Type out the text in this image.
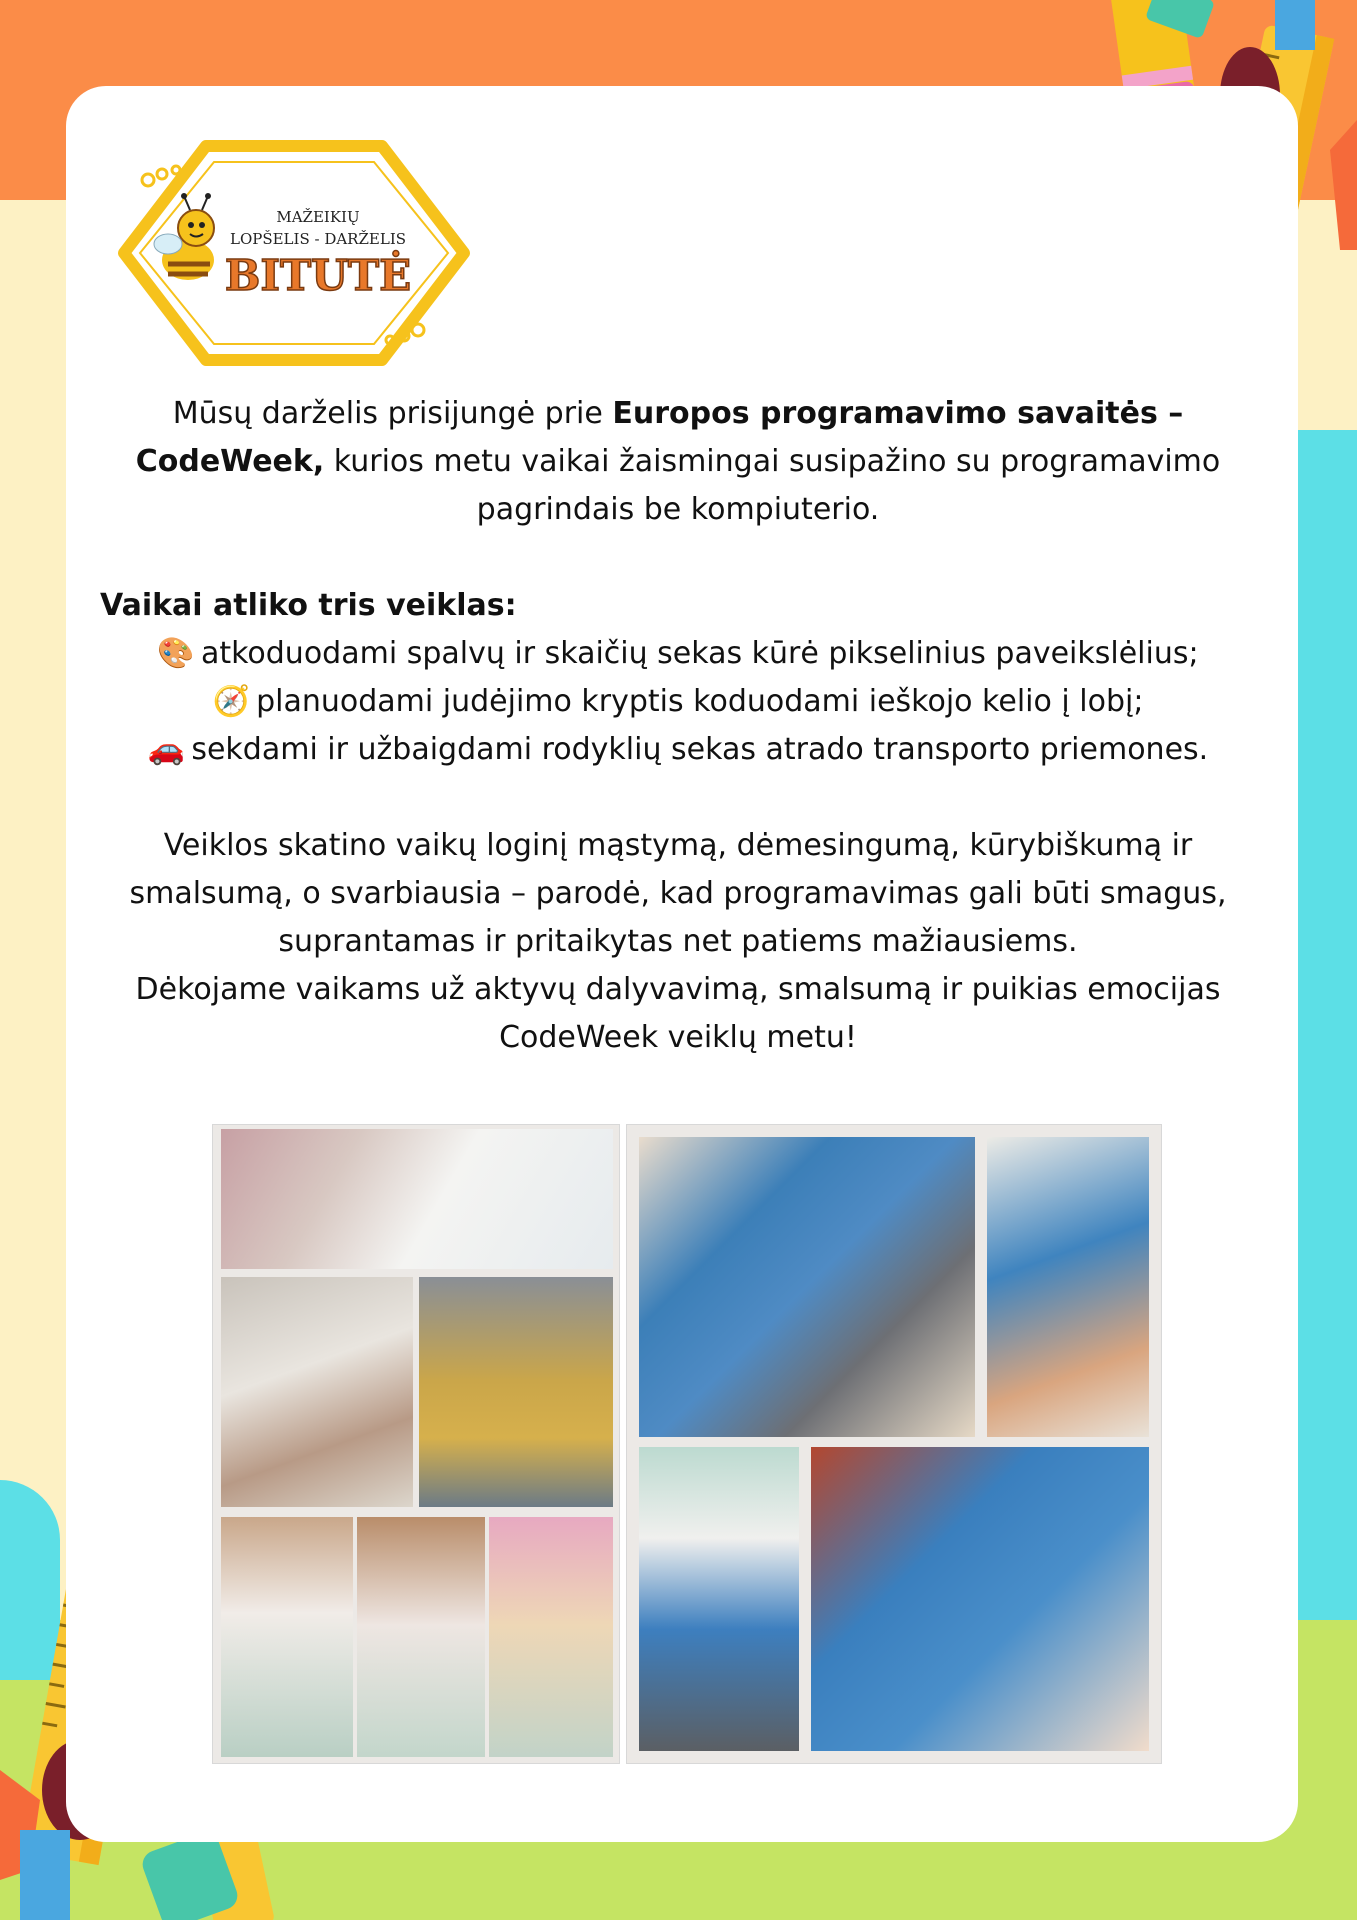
MAŽEIKIŲ
LOPŠELIS - DARŽELIS
BITUTĖ
Mūsų darželis prisijungė prie Europos programavimo savaitės – CodeWeek, kurios metu vaikai žaismingai susipažino su programavimo pagrindais be kompiuterio.
Vaikai atliko tris veiklas:
🎨 atkoduodami spalvų ir skaičių sekas kūrė pikselinius paveikslėlius;
🧭 planuodami judėjimo kryptis koduodami ieškojo kelio į lobį;
🚗 sekdami ir užbaigdami rodyklių sekas atrado transporto priemones.
Veiklos skatino vaikų loginį mąstymą, dėmesingumą, kūrybiškumą ir smalsumą, o svarbiausia – parodė, kad programavimas gali būti smagus, suprantamas ir pritaikytas net patiems mažiausiems.
Dėkojame vaikams už aktyvų dalyvavimą, smalsumą ir puikias emocijas CodeWeek veiklų metu!
